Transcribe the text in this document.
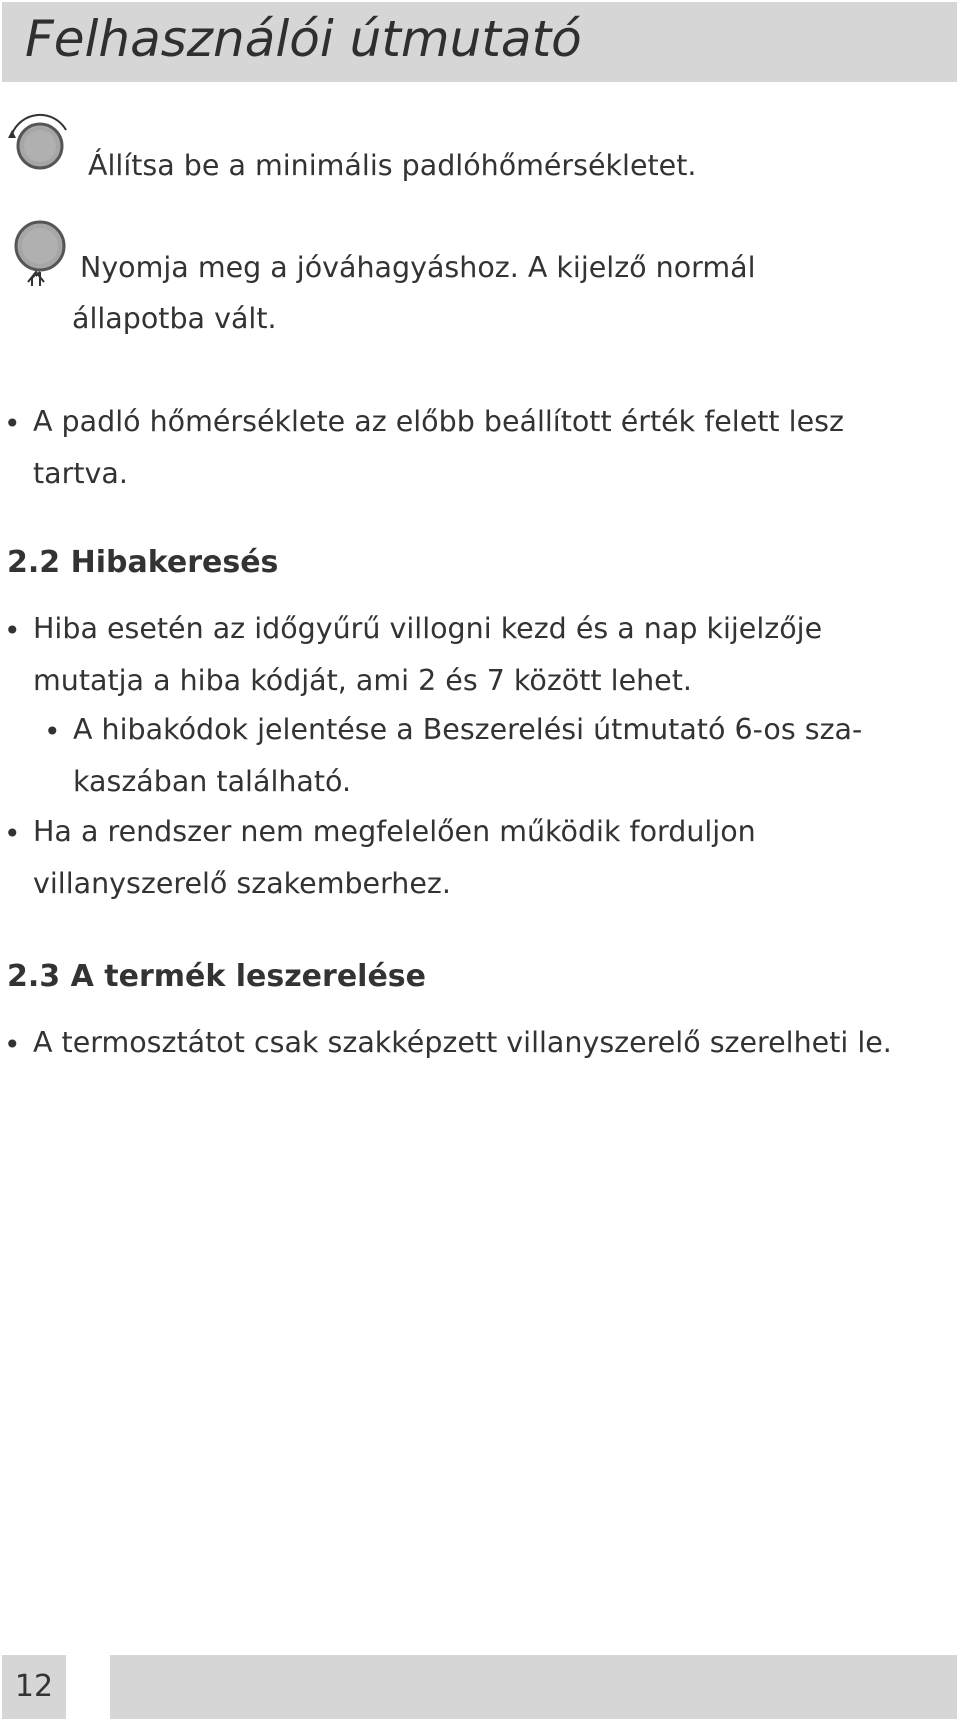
Felhasználói útmutató
Állítsa be a minimális padlóhőmérsékletet.
Nyomja meg a jóváhagyáshoz. A kijelző normál
állapotba vált.
• A padló hőmérséklete az előbb beállított érték felett lesz
tartva.
2.2 Hibakeresés
• Hiba esetén az időgyűrű villogni kezd és a nap kijelzője
mutatja a hiba kódját, ami 2 és 7 között lehet.
• A hibakódok jelentése a Beszerelési útmutató 6-os sza-
kaszában található.
• Ha a rendszer nem megfelelően működik forduljon
villanyszerelő szakemberhez.
2.3 A termék leszerelése
• A termosztátot csak szakképzett villanyszerelő szerelheti le.
12
